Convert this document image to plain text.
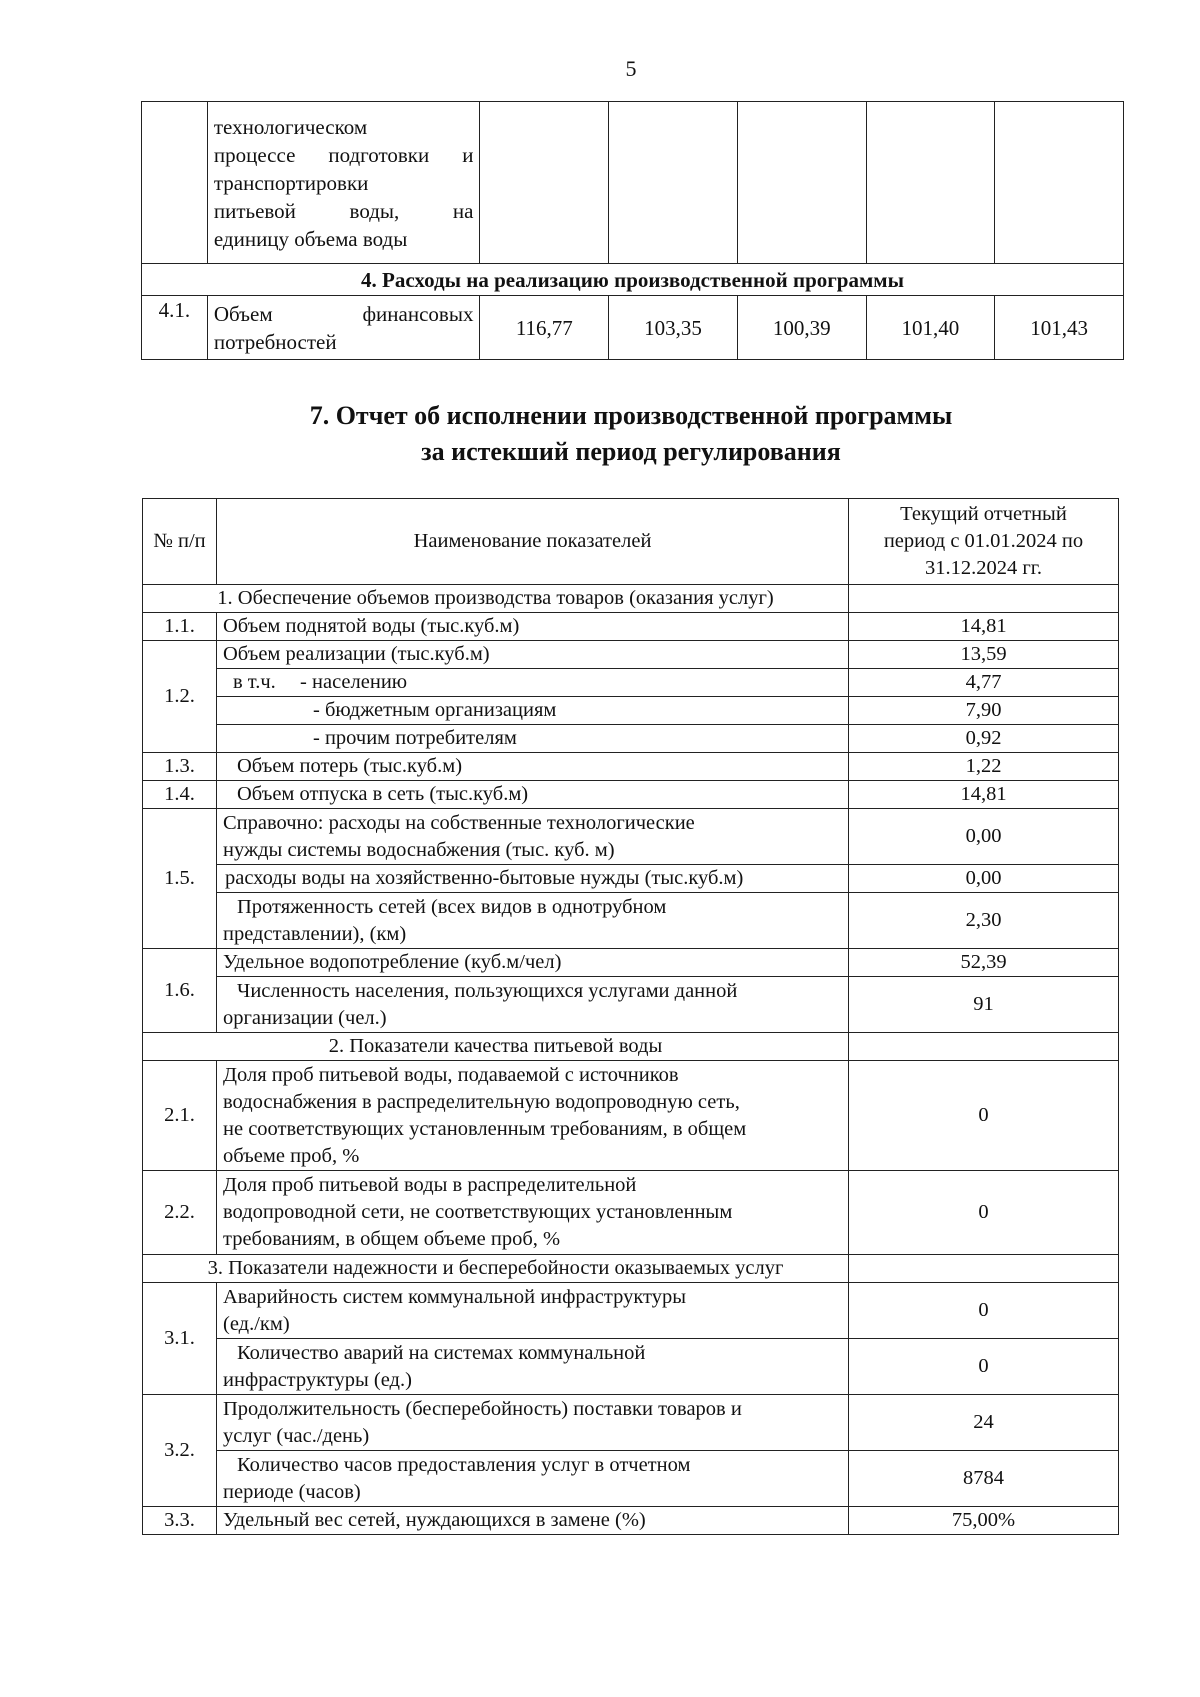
5

	технологическом
процессе подготовки и
транспортировки
питьевой воды, на
единицу объема воды					

4. Расходы на реализацию производственной программы						
4.1.	Объем финансовых
потребностей	116,77	103,35	100,39	101,40	101,43
7. Отчет об исполнении производственной программы
за истекший период регулирования
№ п/п	Наименование показателей	Текущий отчетный
период с 01.01.2024 по
31.12.2024 гг.

1. Обеспечение объемов производства товаров (оказания услуг)		
1.1.	Объем поднятой воды (тыс.куб.м)	14,81
1.2.	Объем реализации (тыс.куб.м)	13,59
	в т.ч. - населению	4,77
	- бюджетным организациям	7,90
	- прочим потребителям	0,92
1.3.	Объем потерь (тыс.куб.м)	1,22
1.4.	Объем отпуска в сеть (тыс.куб.м)	14,81
1.5.	Справочно: расходы на собственные технологические
нужды системы водоснабжения (тыс. куб. м)	0,00
	расходы воды на хозяйственно-бытовые нужды (тыс.куб.м)	0,00

	Протяженность сетей (всех видов в однотрубном
представлении), (км)	2,30
1.6.	Удельное водопотребление (куб.м/чел)	52,39

	Численность населения, пользующихся услугами данной
организации (чел.)	91
2. Показатели качества питьевой воды		
2.1.	Доля проб питьевой воды, подаваемой с источников
водоснабжения в распределительную водопроводную сеть,
не соответствующих установленным требованиям, в общем
объеме проб, %	0
2.2.	Доля проб питьевой воды в распределительной
водопроводной сети, не соответствующих установленным
требованиям, в общем объеме проб, %	0
3. Показатели надежности и бесперебойности оказываемых услуг		
3.1.	Аварийность систем коммунальной инфраструктуры
(ед./км)	0

	Количество аварий на системах коммунальной
инфраструктуры (ед.)	0
3.2.	Продолжительность (бесперебойность) поставки товаров и
услуг (час./день)	24

	Количество часов предоставления услуг в отчетном
периоде (часов)	8784
3.3.	Удельный вес сетей, нуждающихся в замене (%)	75,00%
